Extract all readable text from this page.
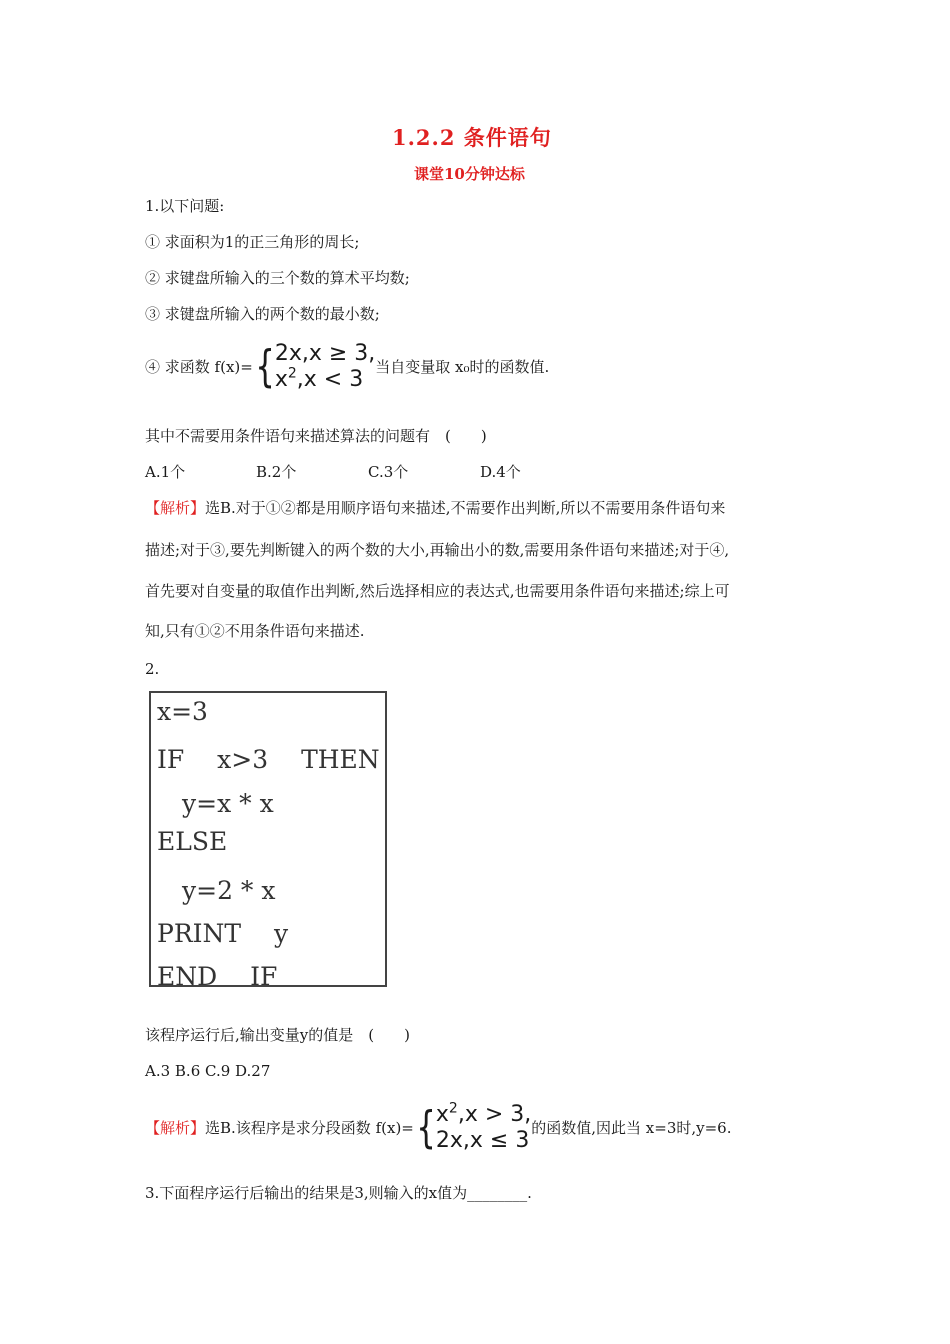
1.2.2 条件语句
课堂10分钟达标
1.以下问题:
① 求面积为1的正三角形的周长;
② 求键盘所输入的三个数的算术平均数;
③ 求键盘所输入的两个数的最小数;
④ 求函数 f(x)= { 2x,x ≥ 3,
$x^2,x < 3$ 当自变量取 x₀时的函数值.
其中不需要用条件语句来描述算法的问题有　(　　)
A.1个	B.2个	C.3个	D.4个
【解析】选B.对于①②都是用顺序语句来描述,不需要作出判断,所以不需要用条件语句来
描述;对于③,要先判断键入的两个数的大小,再输出小的数,需要用条件语句来描述;对于④,
首先要对自变量的取值作出判断,然后选择相应的表达式,也需要用条件语句来描述;综上可
知,只有①②不用条件语句来描述.
2.
x=3
IF　 x>3　 THEN
　y=x * x
ELSE
　y=2 * x
PRINT　 y
END　 IF
该程序运行后,输出变量y的值是　(　　)
A.3 B.6 C.9 D.27
【解析】 选B.该程序是求分段函数 f(x)= { $x^2,x > 3$,
2x,x ≤ 3 的函数值,因此当 x=3时,y=6.
3.下面程序运行后输出的结果是3,则输入的x值为________.
